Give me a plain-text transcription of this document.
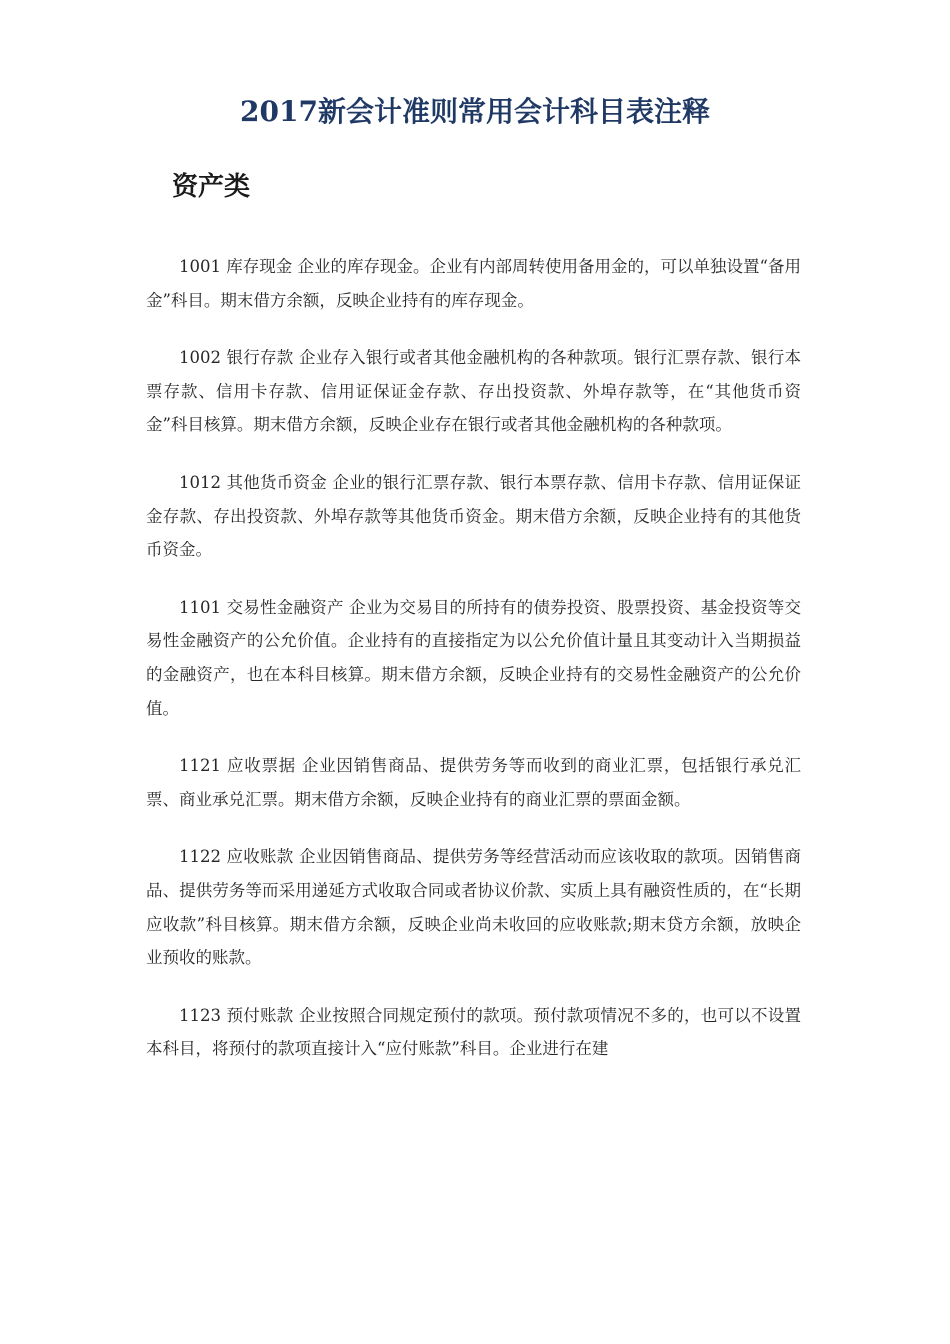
2017新会计准则常用会计科目表注释
资产类

1001 库存现金 企业的库存现金。企业有内部周转使用备用金的，可以单独设置“备用金”科目。期末借方余额，反映企业持有的库存现金。

1002 银行存款 企业存入银行或者其他金融机构的各种款项。银行汇票存款、银行本票存款、信用卡存款、信用证保证金存款、存出投资款、外埠存款等，在“其他货币资金”科目核算。期末借方余额，反映企业存在银行或者其他金融机构的各种款项。

1012 其他货币资金 企业的银行汇票存款、银行本票存款、信用卡存款、信用证保证金存款、存出投资款、外埠存款等其他货币资金。期末借方余额，反映企业持有的其他货币资金。

1101 交易性金融资产 企业为交易目的所持有的债券投资、股票投资、基金投资等交易性金融资产的公允价值。企业持有的直接指定为以公允价值计量且其变动计入当期损益的金融资产，也在本科目核算。期末借方余额，反映企业持有的交易性金融资产的公允价值。

1121 应收票据 企业因销售商品、提供劳务等而收到的商业汇票，包括银行承兑汇票、商业承兑汇票。期末借方余额，反映企业持有的商业汇票的票面金额。

1122 应收账款 企业因销售商品、提供劳务等经营活动而应该收取的款项。因销售商品、提供劳务等而采用递延方式收取合同或者协议价款、实质上具有融资性质的，在“长期应收款”科目核算。期末借方余额，反映企业尚未收回的应收账款;期末贷方余额，放映企业预收的账款。

1123 预付账款 企业按照合同规定预付的款项。预付款项情况不多的，也可以不设置本科目，将预付的款项直接计入“应付账款”科目。企业进行在建
